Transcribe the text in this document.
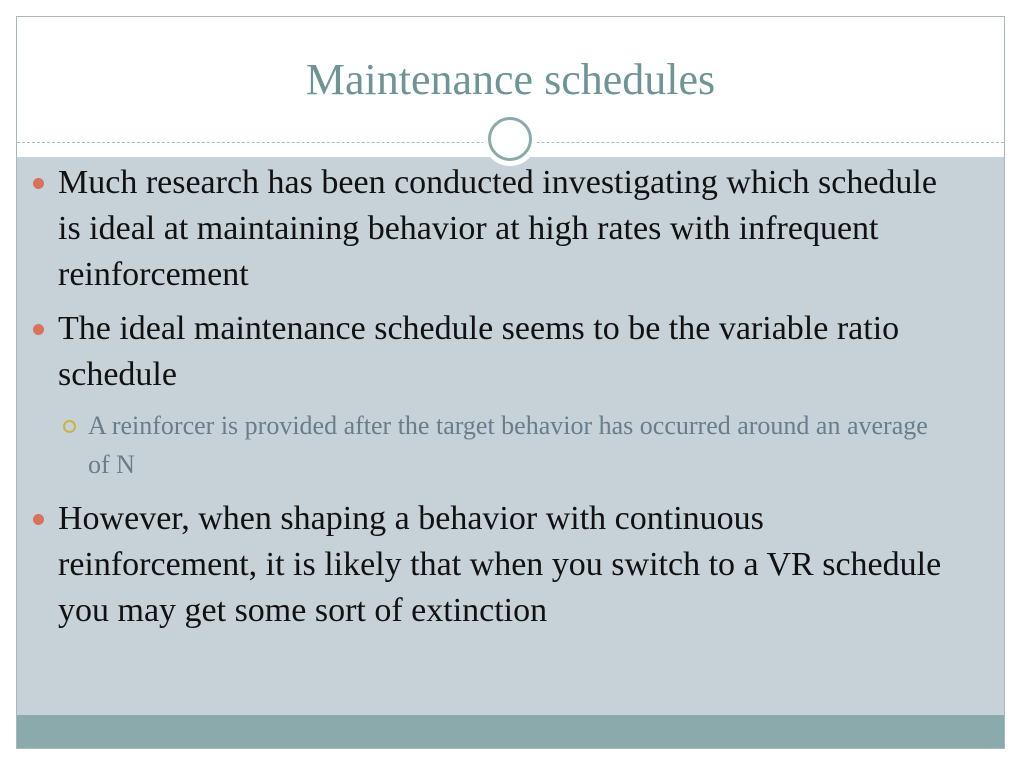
Maintenance schedules
Much research has been conducted investigating which schedule is ideal at maintaining behavior at high rates with infrequent reinforcement
The ideal maintenance schedule seems to be the variable ratio schedule
A reinforcer is provided after the target behavior has occurred around an average of N
However, when shaping a behavior with continuous reinforcement, it is likely that when you switch to a VR schedule you may get some sort of extinction
